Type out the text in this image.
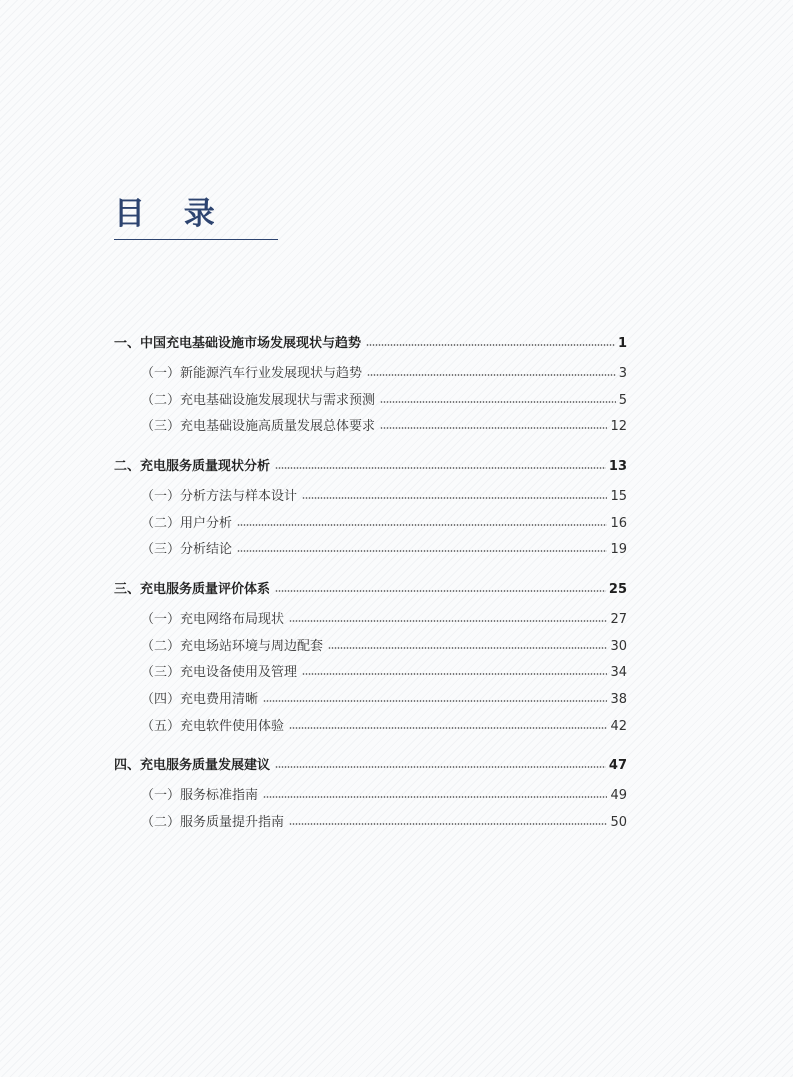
目 录
一、中国充电基础设施市场发展现状与趋势	1
（一）新能源汽车行业发展现状与趋势	3
（二）充电基础设施发展现状与需求预测	5
（三）充电基础设施高质量发展总体要求	12
二、充电服务质量现状分析	13
（一）分析方法与样本设计	15
（二）用户分析	16
（三）分析结论	19
三、充电服务质量评价体系	25
（一）充电网络布局现状	27
（二）充电场站环境与周边配套	30
（三）充电设备使用及管理	34
（四）充电费用清晰	38
（五）充电软件使用体验	42
四、充电服务质量发展建议	47
（一）服务标准指南	49
（二）服务质量提升指南	50
